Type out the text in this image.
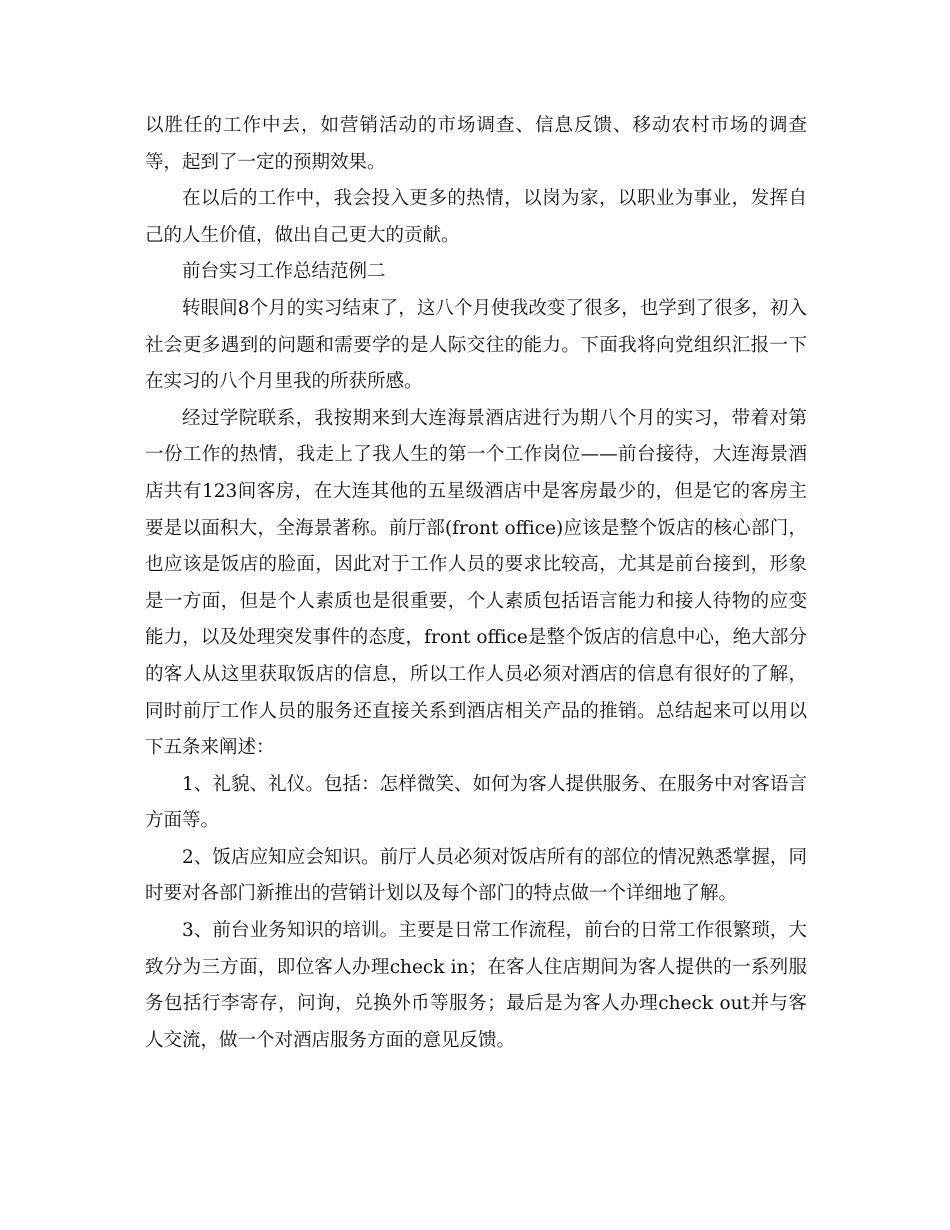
以胜任的工作中去，如营销活动的市场调查、信息反馈、移动农村市场的调查等，起到了一定的预期效果。

在以后的工作中，我会投入更多的热情，以岗为家，以职业为事业，发挥自己的人生价值，做出自己更大的贡献。

前台实习工作总结范例二

转眼间8个月的实习结束了，这八个月使我改变了很多，也学到了很多，初入社会更多遇到的问题和需要学的是人际交往的能力。下面我将向党组织汇报一下在实习的八个月里我的所获所感。

经过学院联系，我按期来到大连海景酒店进行为期八个月的实习，带着对第一份工作的热情，我走上了我人生的第一个工作岗位——前台接待，大连海景酒店共有123间客房，在大连其他的五星级酒店中是客房最少的，但是它的客房主要是以面积大，全海景著称。前厅部(front office)应该是整个饭店的核心部门，也应该是饭店的脸面，因此对于工作人员的要求比较高，尤其是前台接到，形象是一方面，但是个人素质也是很重要，个人素质包括语言能力和接人待物的应变能力，以及处理突发事件的态度，front office是整个饭店的信息中心，绝大部分的客人从这里获取饭店的信息，所以工作人员必须对酒店的信息有很好的了解，同时前厅工作人员的服务还直接关系到酒店相关产品的推销。总结起来可以用以下五条来阐述：

1、礼貌、礼仪。包括：怎样微笑、如何为客人提供服务、在服务中对客语言方面等。

2、饭店应知应会知识。前厅人员必须对饭店所有的部位的情况熟悉掌握，同时要对各部门新推出的营销计划以及每个部门的特点做一个详细地了解。

3、前台业务知识的培训。主要是日常工作流程，前台的日常工作很繁琐，大致分为三方面，即位客人办理check in；在客人住店期间为客人提供的一系列服务包括行李寄存，问询，兑换外币等服务；最后是为客人办理check out并与客人交流，做一个对酒店服务方面的意见反馈。
